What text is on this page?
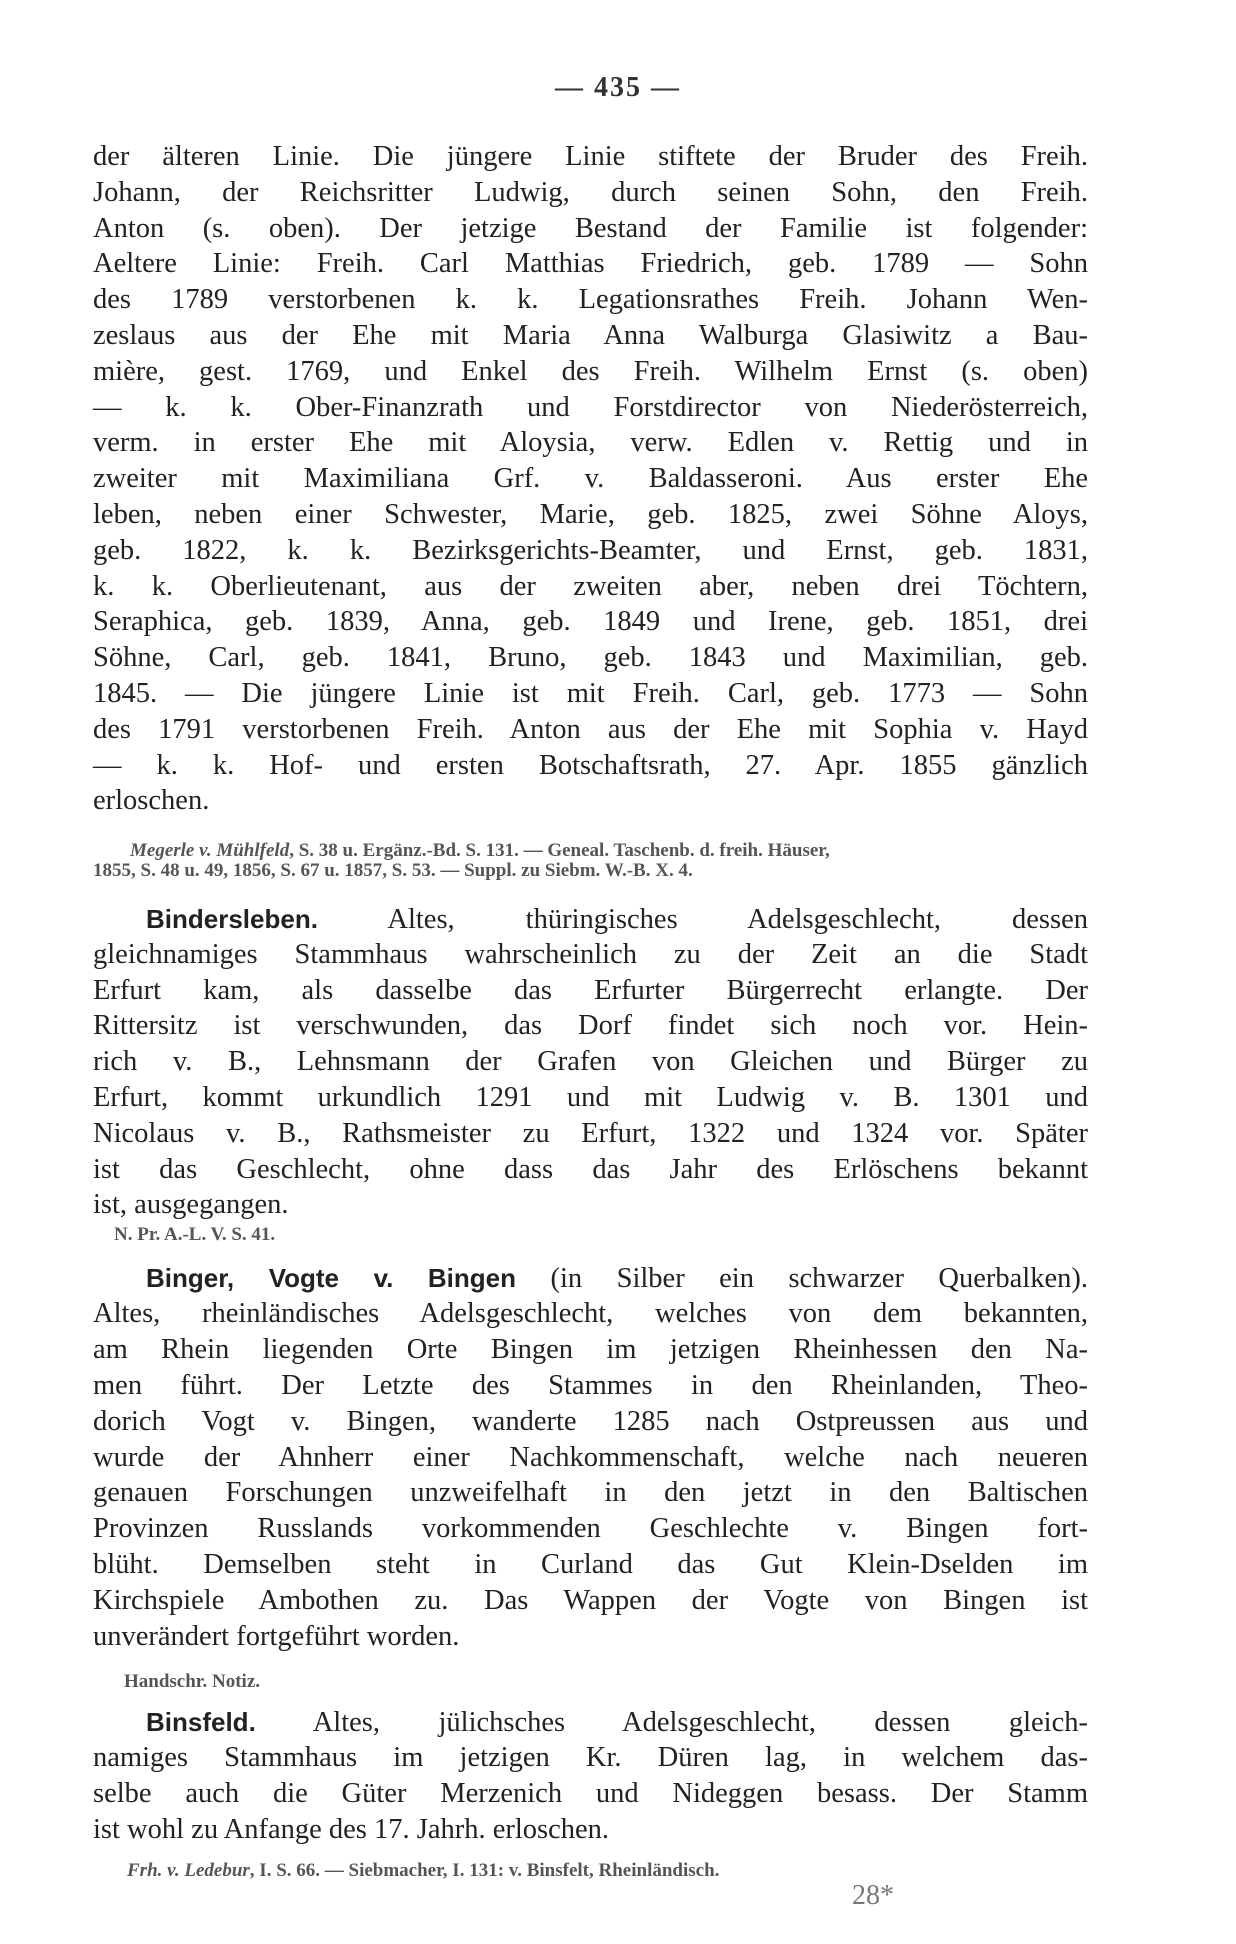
— 435 —
der älteren Linie. Die jüngere Linie stiftete der Bruder des Freih.
Johann, der Reichsritter Ludwig, durch seinen Sohn, den Freih.
Anton (s. oben). Der jetzige Bestand der Familie ist folgender:
Aeltere Linie: Freih. Carl Matthias Friedrich, geb. 1789 — Sohn
des 1789 verstorbenen k. k. Legationsrathes Freih. Johann Wen-
zeslaus aus der Ehe mit Maria Anna Walburga Glasiwitz a Bau-
mière, gest. 1769, und Enkel des Freih. Wilhelm Ernst (s. oben)
— k. k. Ober-Finanzrath und Forstdirector von Niederösterreich,
verm. in erster Ehe mit Aloysia, verw. Edlen v. Rettig und in
zweiter mit Maximiliana Grf. v. Baldasseroni. Aus erster Ehe
leben, neben einer Schwester, Marie, geb. 1825, zwei Söhne Aloys,
geb. 1822, k. k. Bezirksgerichts-Beamter, und Ernst, geb. 1831,
k. k. Oberlieutenant, aus der zweiten aber, neben drei Töchtern,
Seraphica, geb. 1839, Anna, geb. 1849 und Irene, geb. 1851, drei
Söhne, Carl, geb. 1841, Bruno, geb. 1843 und Maximilian, geb.
1845. — Die jüngere Linie ist mit Freih. Carl, geb. 1773 — Sohn
des 1791 verstorbenen Freih. Anton aus der Ehe mit Sophia v. Hayd
— k. k. Hof- und ersten Botschaftsrath, 27. Apr. 1855 gänzlich
erloschen.
Megerle v. Mühlfeld, S. 38 u. Ergänz.-Bd. S. 131. — Geneal. Taschenb. d. freih. Häuser,
1855, S. 48 u. 49, 1856, S. 67 u. 1857, S. 53. — Suppl. zu Siebm. W.-B. X. 4.
Bindersleben. Altes, thüringisches Adelsgeschlecht, dessen
gleichnamiges Stammhaus wahrscheinlich zu der Zeit an die Stadt
Erfurt kam, als dasselbe das Erfurter Bürgerrecht erlangte. Der
Rittersitz ist verschwunden, das Dorf findet sich noch vor. Hein-
rich v. B., Lehnsmann der Grafen von Gleichen und Bürger zu
Erfurt, kommt urkundlich 1291 und mit Ludwig v. B. 1301 und
Nicolaus v. B., Rathsmeister zu Erfurt, 1322 und 1324 vor. Später
ist das Geschlecht, ohne dass das Jahr des Erlöschens bekannt
ist, ausgegangen.
N. Pr. A.-L. V. S. 41.
Binger, Vogte v. Bingen (in Silber ein schwarzer Querbalken).
Altes, rheinländisches Adelsgeschlecht, welches von dem bekannten,
am Rhein liegenden Orte Bingen im jetzigen Rheinhessen den Na-
men führt. Der Letzte des Stammes in den Rheinlanden, Theo-
dorich Vogt v. Bingen, wanderte 1285 nach Ostpreussen aus und
wurde der Ahnherr einer Nachkommenschaft, welche nach neueren
genauen Forschungen unzweifelhaft in den jetzt in den Baltischen
Provinzen Russlands vorkommenden Geschlechte v. Bingen fort-
blüht. Demselben steht in Curland das Gut Klein-Dselden im
Kirchspiele Ambothen zu. Das Wappen der Vogte von Bingen ist
unverändert fortgeführt worden.
Handschr. Notiz.
Binsfeld. Altes, jülichsches Adelsgeschlecht, dessen gleich-
namiges Stammhaus im jetzigen Kr. Düren lag, in welchem das-
selbe auch die Güter Merzenich und Nideggen besass. Der Stamm
ist wohl zu Anfange des 17. Jahrh. erloschen.
Frh. v. Ledebur, I. S. 66. — Siebmacher, I. 131: v. Binsfelt, Rheinländisch.
28*
